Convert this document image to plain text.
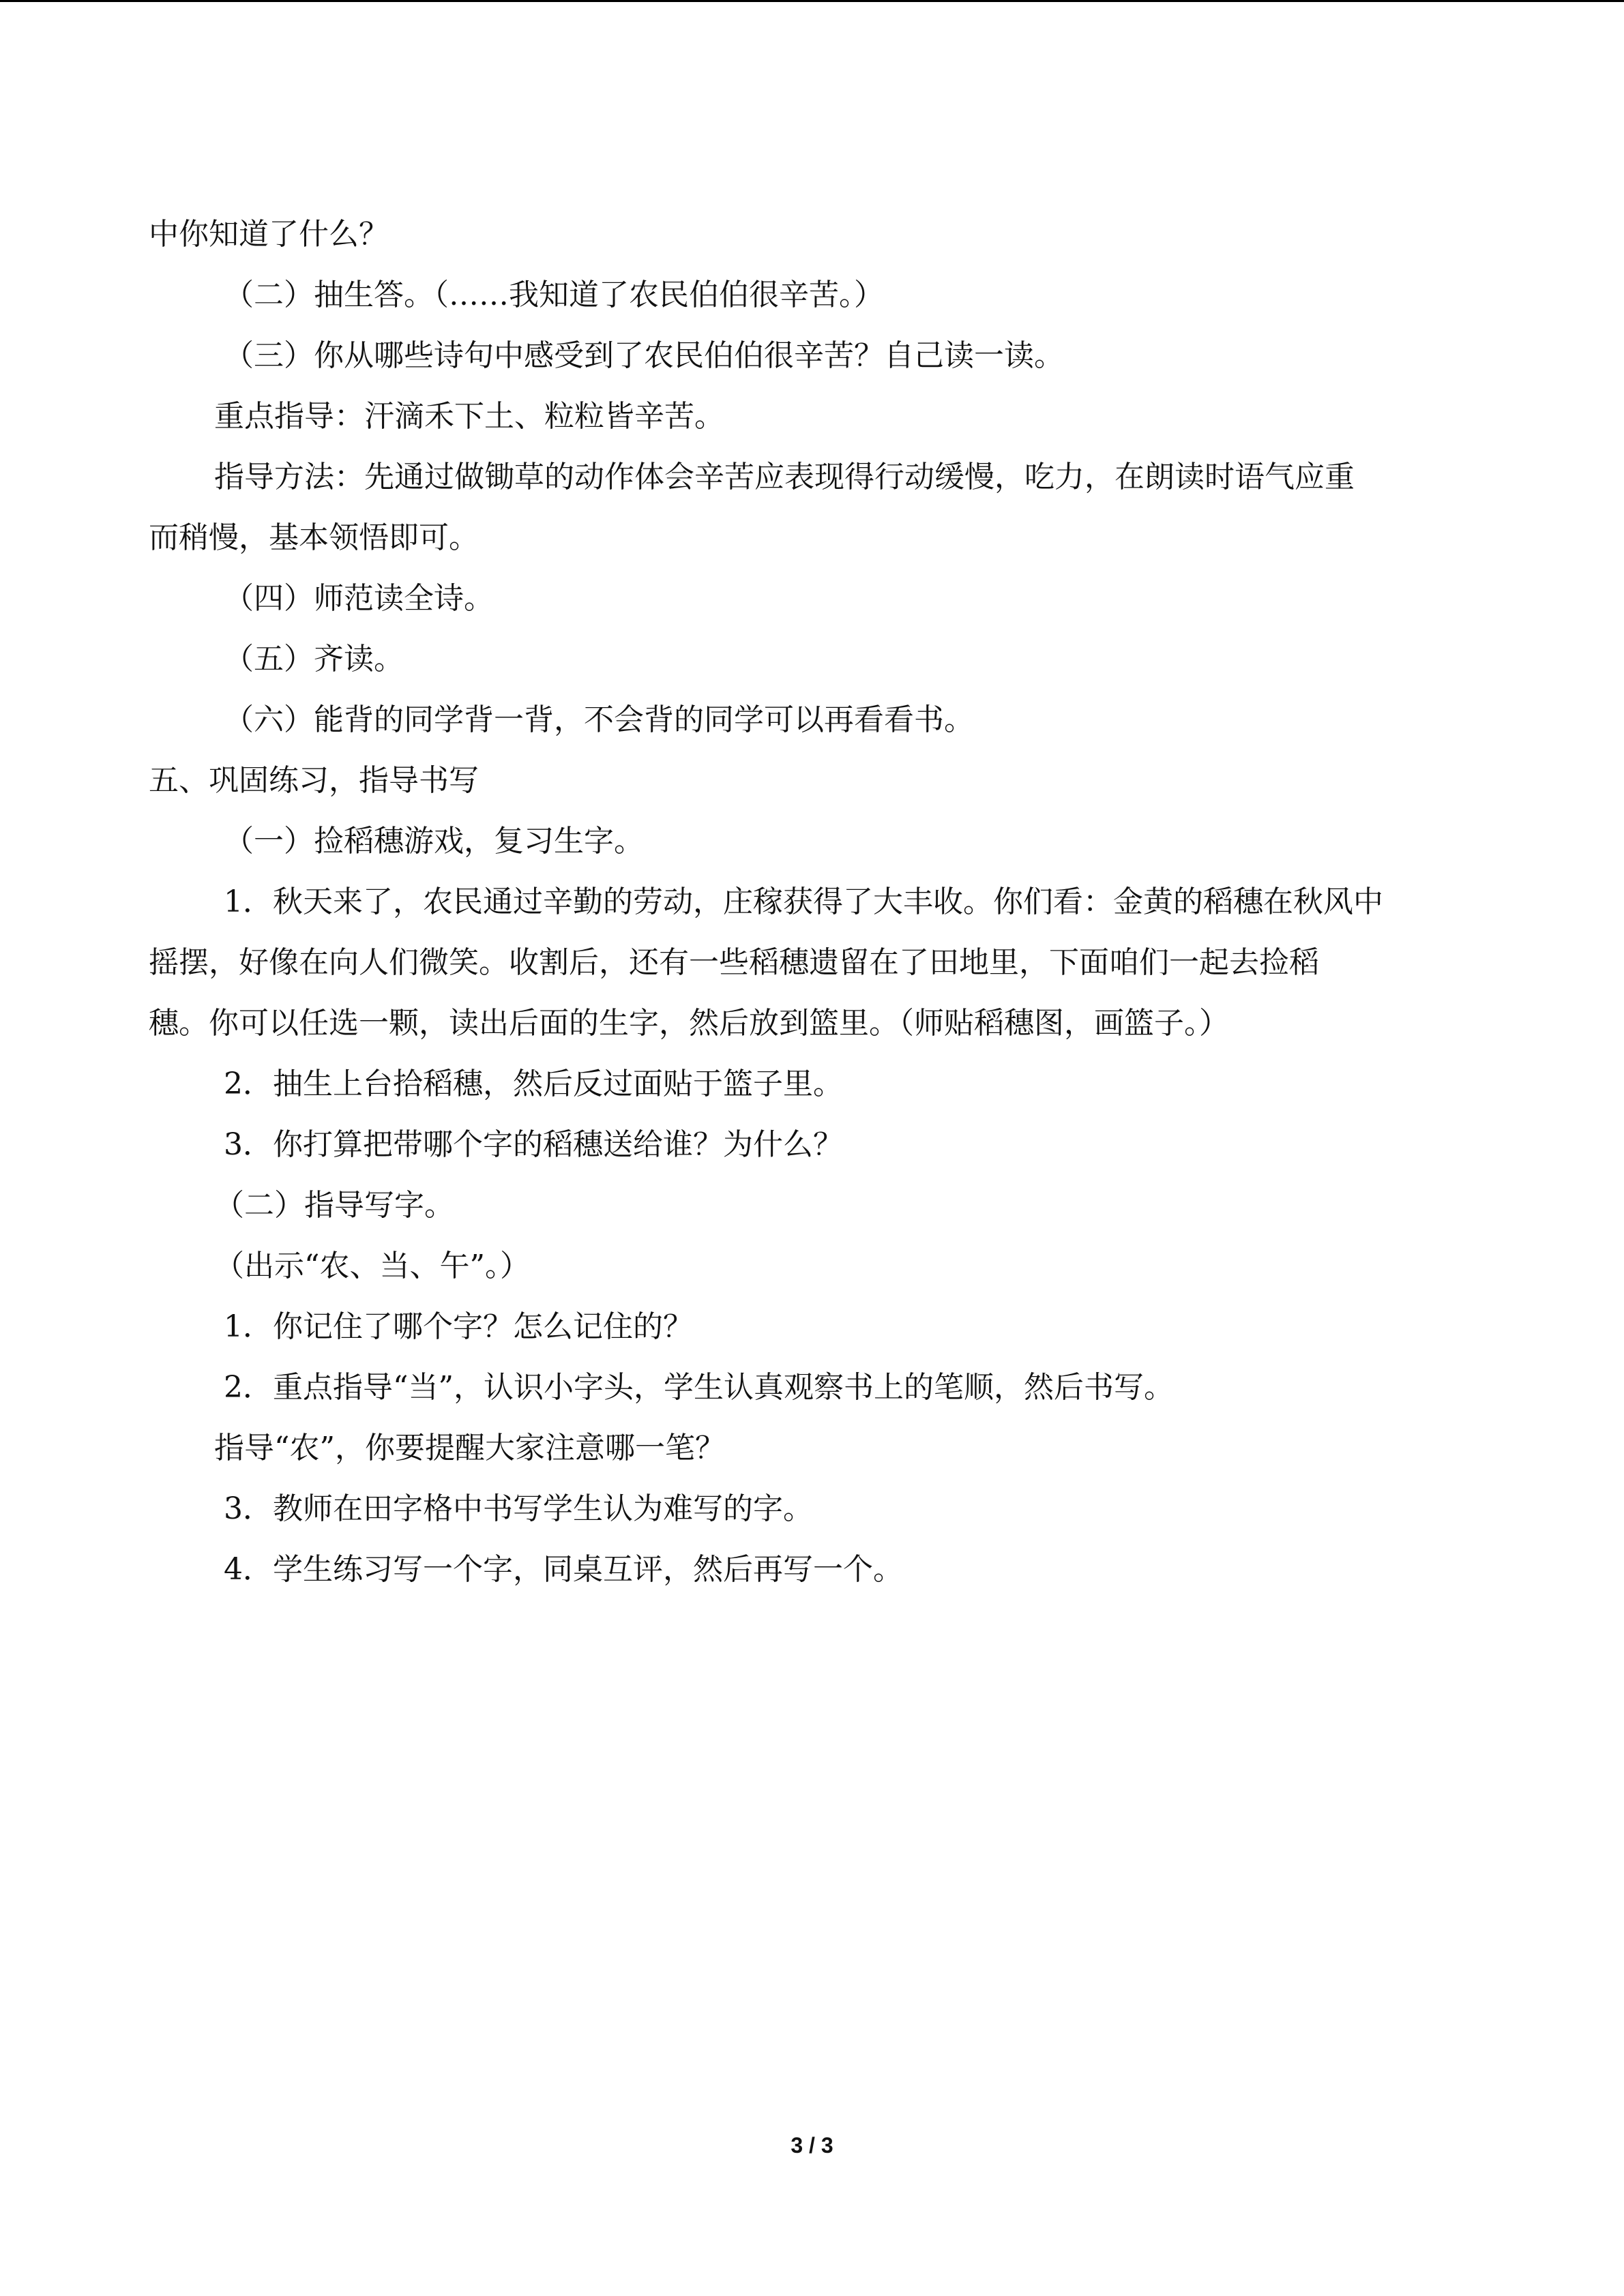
中你知道了什么？
（二）抽生答。（……我知道了农民伯伯很辛苦。）
（三）你从哪些诗句中感受到了农民伯伯很辛苦？自己读一读。
重点指导：汗滴禾下土、粒粒皆辛苦。
指导方法：先通过做锄草的动作体会辛苦应表现得行动缓慢，吃力，在朗读时语气应重
而稍慢，基本领悟即可。
（四）师范读全诗。
（五）齐读。
（六）能背的同学背一背，不会背的同学可以再看看书。
五、巩固练习，指导书写
（一）捡稻穗游戏，复习生字。
1．秋天来了，农民通过辛勤的劳动，庄稼获得了大丰收。你们看：金黄的稻穗在秋风中
摇摆，好像在向人们微笑。收割后，还有一些稻穗遗留在了田地里，下面咱们一起去捡稻
穗。你可以任选一颗，读出后面的生字，然后放到篮里。（师贴稻穗图，画篮子。）
2．抽生上台拾稻穗，然后反过面贴于篮子里。
3．你打算把带哪个字的稻穗送给谁？为什么？
（二）指导写字。
（出示“农、当、午”。）
1．你记住了哪个字？怎么记住的？
2．重点指导“当”，认识小字头，学生认真观察书上的笔顺，然后书写。
指导“农”，你要提醒大家注意哪一笔？
3．教师在田字格中书写学生认为难写的字。
4．学生练习写一个字，同桌互评，然后再写一个。
3 / 3
